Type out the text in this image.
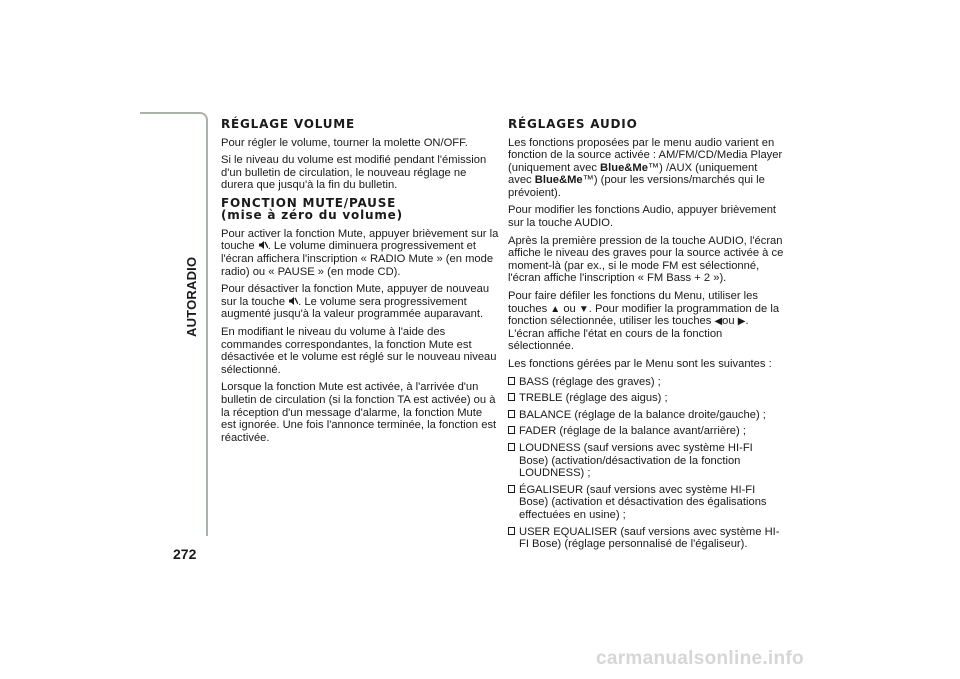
AUTORADIO
272
RÉGLAGE VOLUME

Pour régler le volume, tourner la molette ON/OFF.

Si le niveau du volume est modifié pendant l'émission d'un bulletin de circulation, le nouveau réglage ne durera que jusqu'à la fin du bulletin.

FONCTION MUTE/PAUSE
(mise à zéro du volume)

Pour activer la fonction Mute, appuyer brièvement sur la touche . Le volume diminuera progressivement et l'écran affichera l'inscription « RADIO Mute » (en mode radio) ou « PAUSE » (en mode CD).

Pour désactiver la fonction Mute, appuyer de nouveau sur la touche . Le volume sera progressivement augmenté jusqu'à la valeur programmée auparavant.

En modifiant le niveau du volume à l'aide des commandes correspondantes, la fonction Mute est désactivée et le volume est réglé sur le nouveau niveau sélectionné.

Lorsque la fonction Mute est activée, à l'arrivée d'un bulletin de circulation (si la fonction TA est activée) ou à la réception d'un message d'alarme, la fonction Mute est ignorée. Une fois l'annonce terminée, la fonction est réactivée.

RÉGLAGES AUDIO

Les fonctions proposées par le menu audio varient en fonction de la source activée : AM/FM/CD/Media Player (uniquement avec Blue&Me™) /AUX (uniquement avec Blue&Me™) (pour les versions/marchés qui le prévoient).

Pour modifier les fonctions Audio, appuyer brièvement sur la touche AUDIO.

Après la première pression de la touche AUDIO, l'écran affiche le niveau des graves pour la source activée à ce moment-là (par ex., si le mode FM est sélectionné, l'écran affiche l'inscription « FM Bass + 2 »).

Pour faire défiler les fonctions du Menu, utiliser les touches ▲ ou ▼. Pour modifier la programmation de la fonction sélectionnée, utiliser les touches ◀ou ▶. L'écran affiche l'état en cours de la fonction sélectionnée.

Les fonctions gérées par le Menu sont les suivantes :

BASS (réglage des graves) ;
TREBLE (réglage des aigus) ;
BALANCE (réglage de la balance droite/gauche) ;
FADER (réglage de la balance avant/arrière) ;
LOUDNESS (sauf versions avec système HI-FI Bose) (activation/désactivation de la fonction LOUDNESS) ;
ÉGALISEUR (sauf versions avec système HI-FI Bose) (activation et désactivation des égalisations effectuées en usine) ;
USER EQUALISER (sauf versions avec système HI-FI Bose) (réglage personnalisé de l'égaliseur).
carmanualsonline.info
